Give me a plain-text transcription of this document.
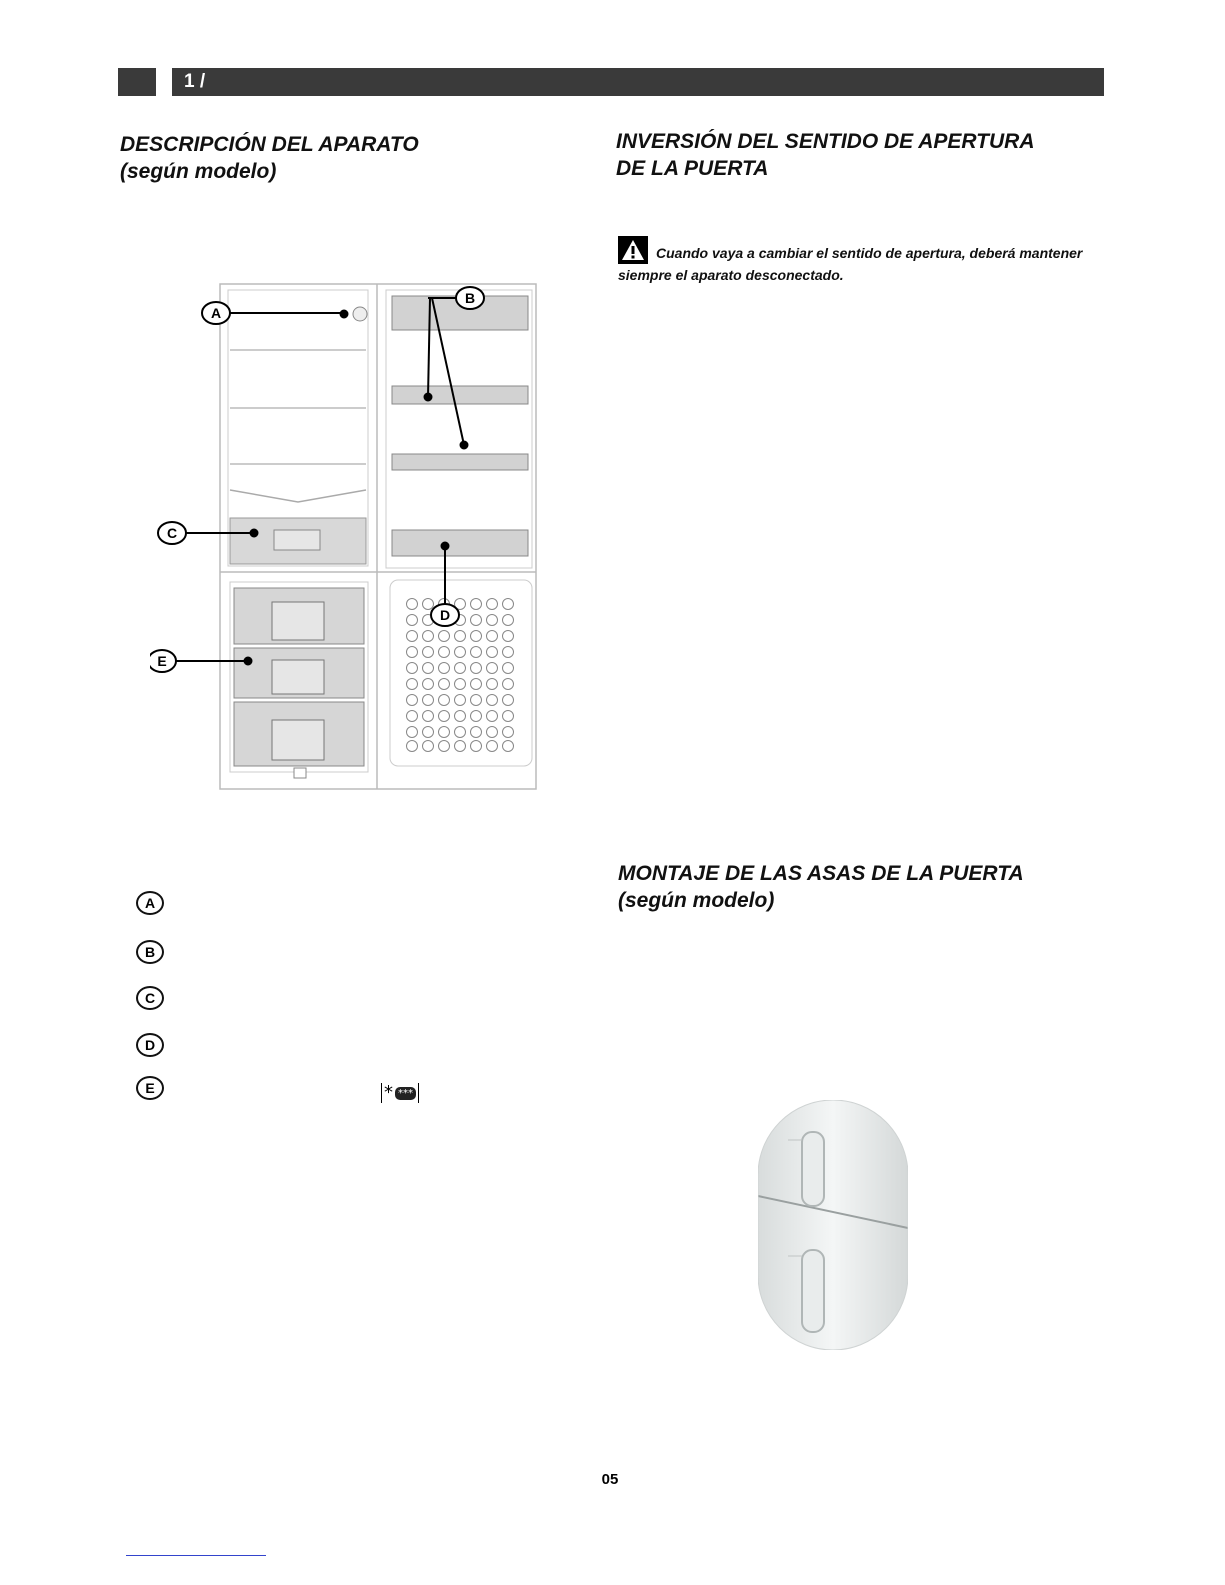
1 /
DESCRIPCIÓN DEL APARATO
(según modelo)
INVERSIÓN DEL SENTIDO DE APERTURA
DE LA PUERTA
Cuando vaya a cambiar el sentido de apertura, deberá mantener siempre el aparato desconectado.
A
B
C
D
E
A
B
C
D
E	* ***
MONTAJE DE LAS ASAS DE LA PUERTA
(según modelo)
05
